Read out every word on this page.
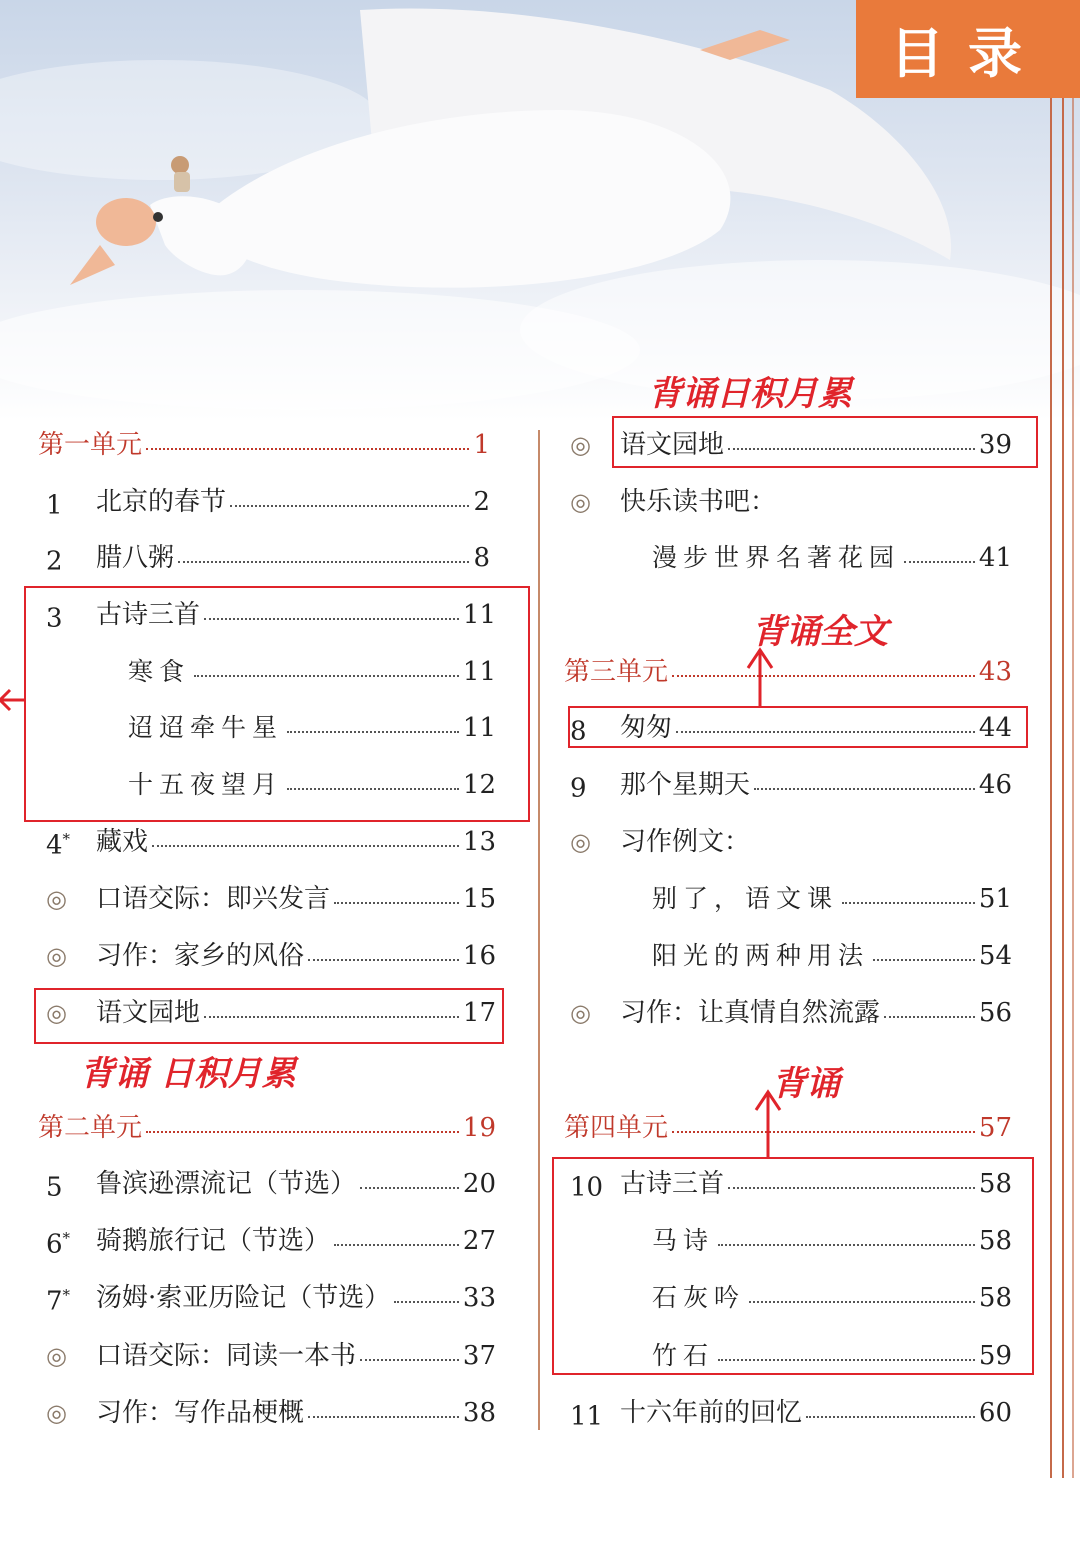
目录
第一单元	1
1	北京的春节	2
2	腊八粥	8
3	古诗三首	11
寒食	11
迢迢牵牛星	11
十五夜望月	12
4* 藏戏	13
◎	口语交际：即兴发言	15
◎	习作：家乡的风俗	16
◎	语文园地	17
第二单元	19
5	鲁滨逊漂流记（节选）	20
6* 骑鹅旅行记（节选）	27
7* 汤姆·索亚历险记（节选）	33
◎	口语交际：同读一本书	37
◎	习作：写作品梗概	38
◎	语文园地	39
◎	快乐读书吧：
漫步世界名著花园	41
第三单元	43
8	匆匆	44
9	那个星期天	46
◎	习作例文：
别了，语文课	51
阳光的两种用法	54
◎	习作：让真情自然流露	56
第四单元	57
10 古诗三首	58
马诗	58
石灰吟	58
竹石	59
11 十六年前的回忆	60
背诵日积月累
背诵全文
背诵 日积月累	背诵
